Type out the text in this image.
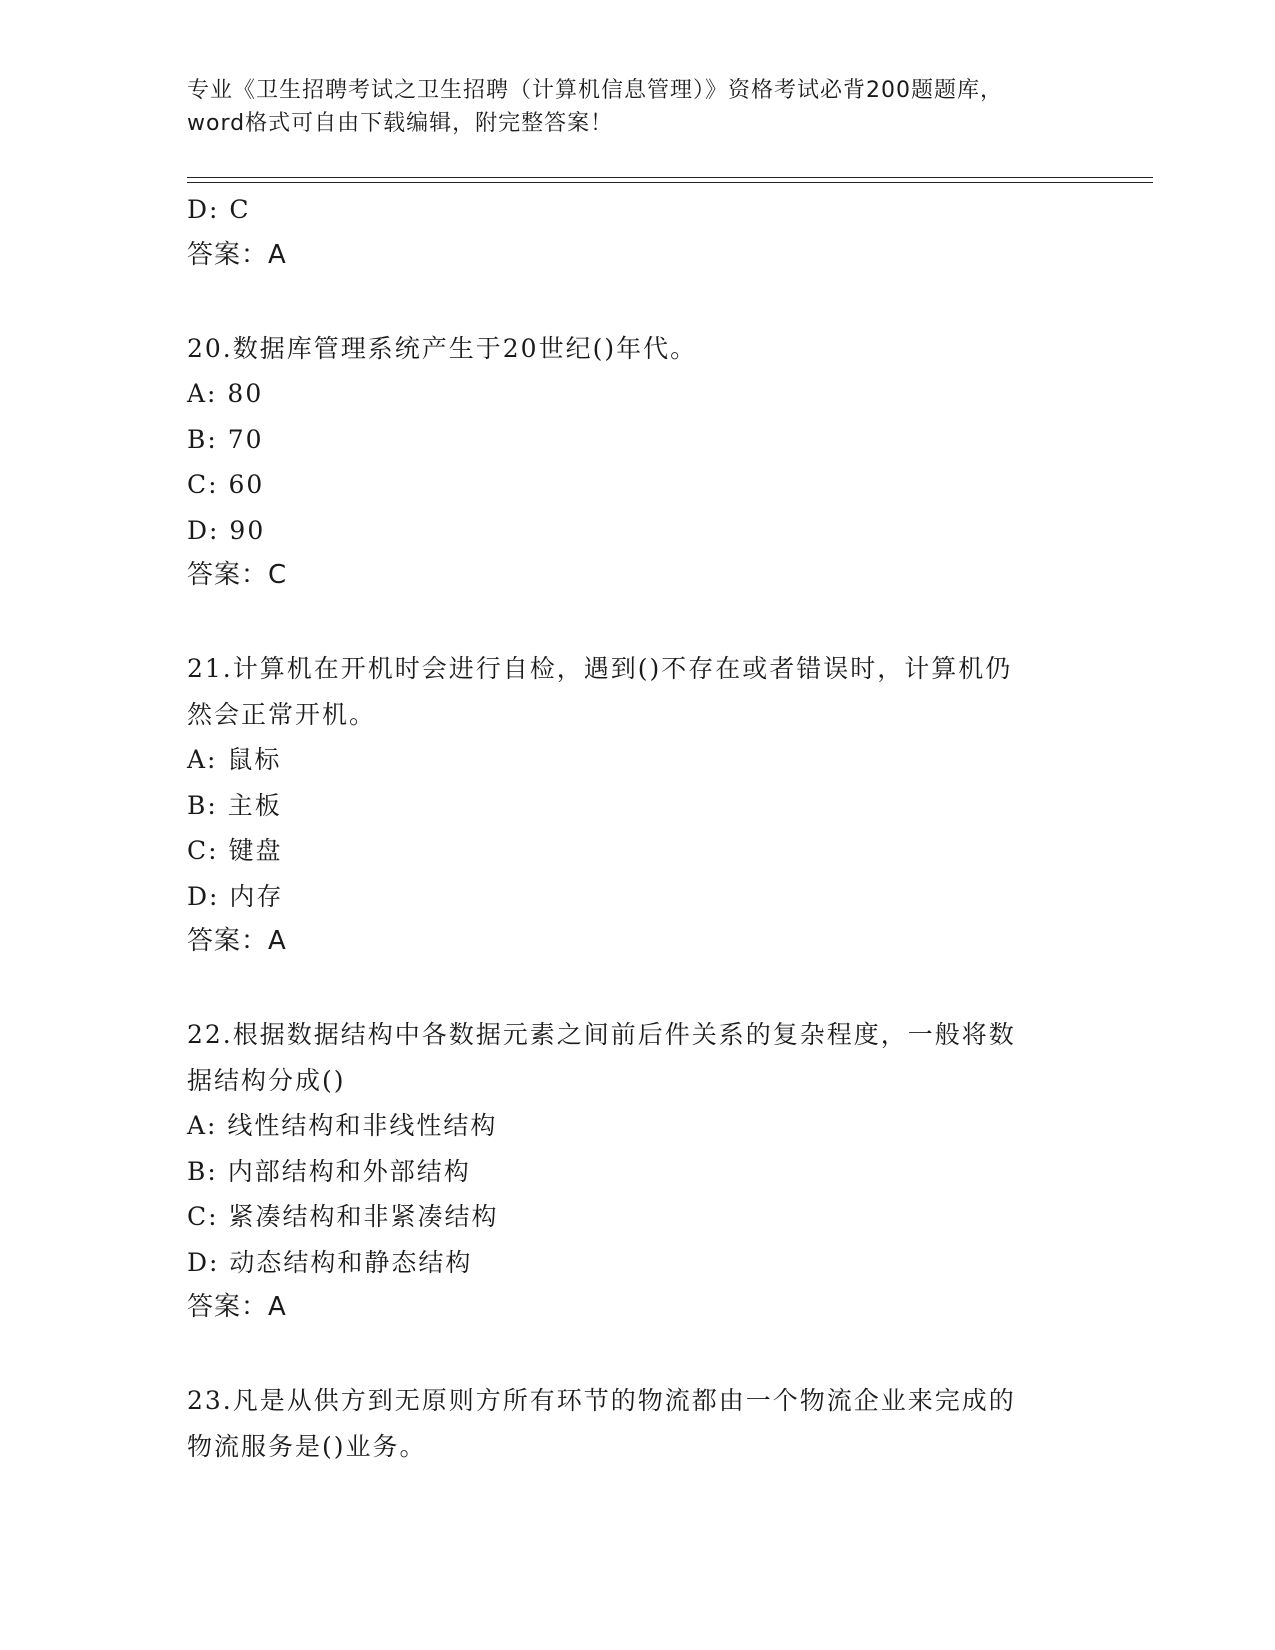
专业《卫生招聘考试之卫生招聘（计算机信息管理）》资格考试必背200题题库，
word格式可自由下载编辑，附完整答案！
D: C
答案：A
20.数据库管理系统产生于20世纪()年代。
A: 80
B: 70
C: 60
D: 90
答案：C
21.计算机在开机时会进行自检，遇到()不存在或者错误时，计算机仍
然会正常开机。
A: 鼠标
B: 主板
C: 键盘
D: 内存
答案：A
22.根据数据结构中各数据元素之间前后件关系的复杂程度，一般将数
据结构分成()
A: 线性结构和非线性结构
B: 内部结构和外部结构
C: 紧凑结构和非紧凑结构
D: 动态结构和静态结构
答案：A
23.凡是从供方到无原则方所有环节的物流都由一个物流企业来完成的
物流服务是()业务。
